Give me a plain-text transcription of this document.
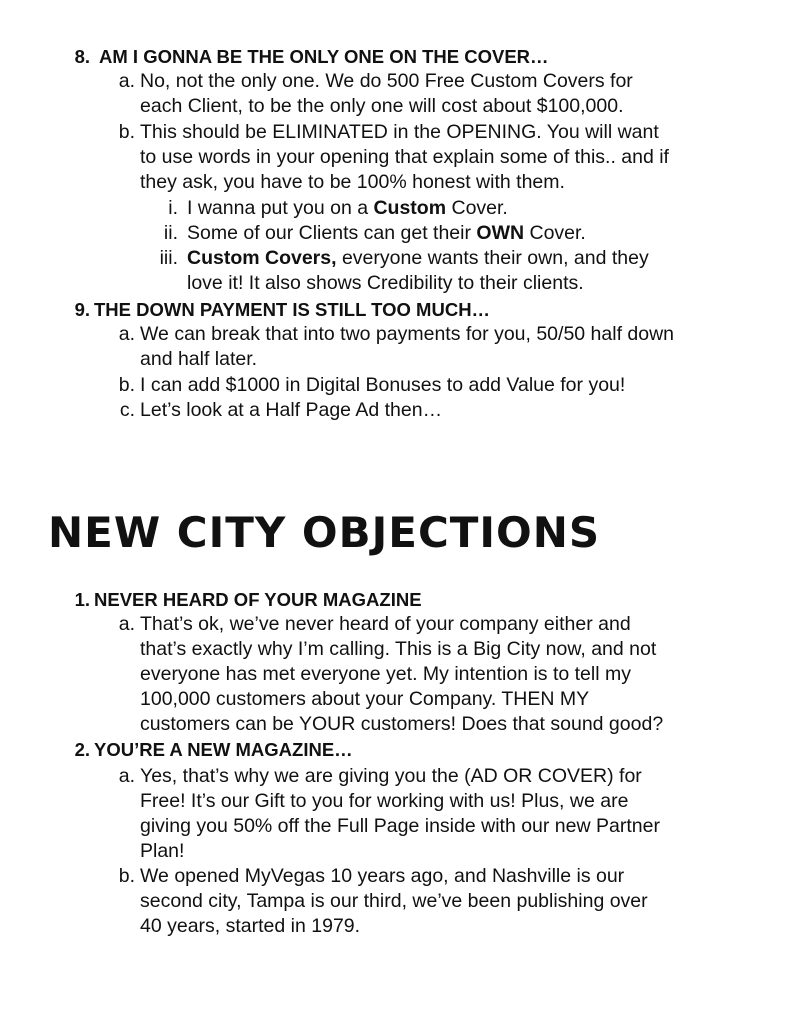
8. AM I GONNA BE THE ONLY ONE ON THE COVER…
a. No, not the only one. We do 500 Free Custom Covers for
each Client, to be the only one will cost about $100,000.
b. This should be ELIMINATED in the OPENING. You will want
to use words in your opening that explain some of this.. and if
they ask, you have to be 100% honest with them.
i. I wanna put you on a Custom Cover.
ii. Some of our Clients can get their OWN Cover.
iii. Custom Covers, everyone wants their own, and they
love it! It also shows Credibility to their clients.
9. THE DOWN PAYMENT IS STILL TOO MUCH…
a. We can break that into two payments for you, 50/50 half down
and half later.
b. I can add $1000 in Digital Bonuses to add Value for you!
c. Let’s look at a Half Page Ad then…
NEW CITY OBJECTIONS
1. NEVER HEARD OF YOUR MAGAZINE
a. That’s ok, we’ve never heard of your company either and
that’s exactly why I’m calling. This is a Big City now, and not
everyone has met everyone yet. My intention is to tell my
100,000 customers about your Company. THEN MY
customers can be YOUR customers! Does that sound good?
2. YOU’RE A NEW MAGAZINE…
a. Yes, that’s why we are giving you the (AD OR COVER) for
Free! It’s our Gift to you for working with us! Plus, we are
giving you 50% off the Full Page inside with our new Partner
Plan!
b. We opened MyVegas 10 years ago, and Nashville is our
second city, Tampa is our third, we’ve been publishing over
40 years, started in 1979.
